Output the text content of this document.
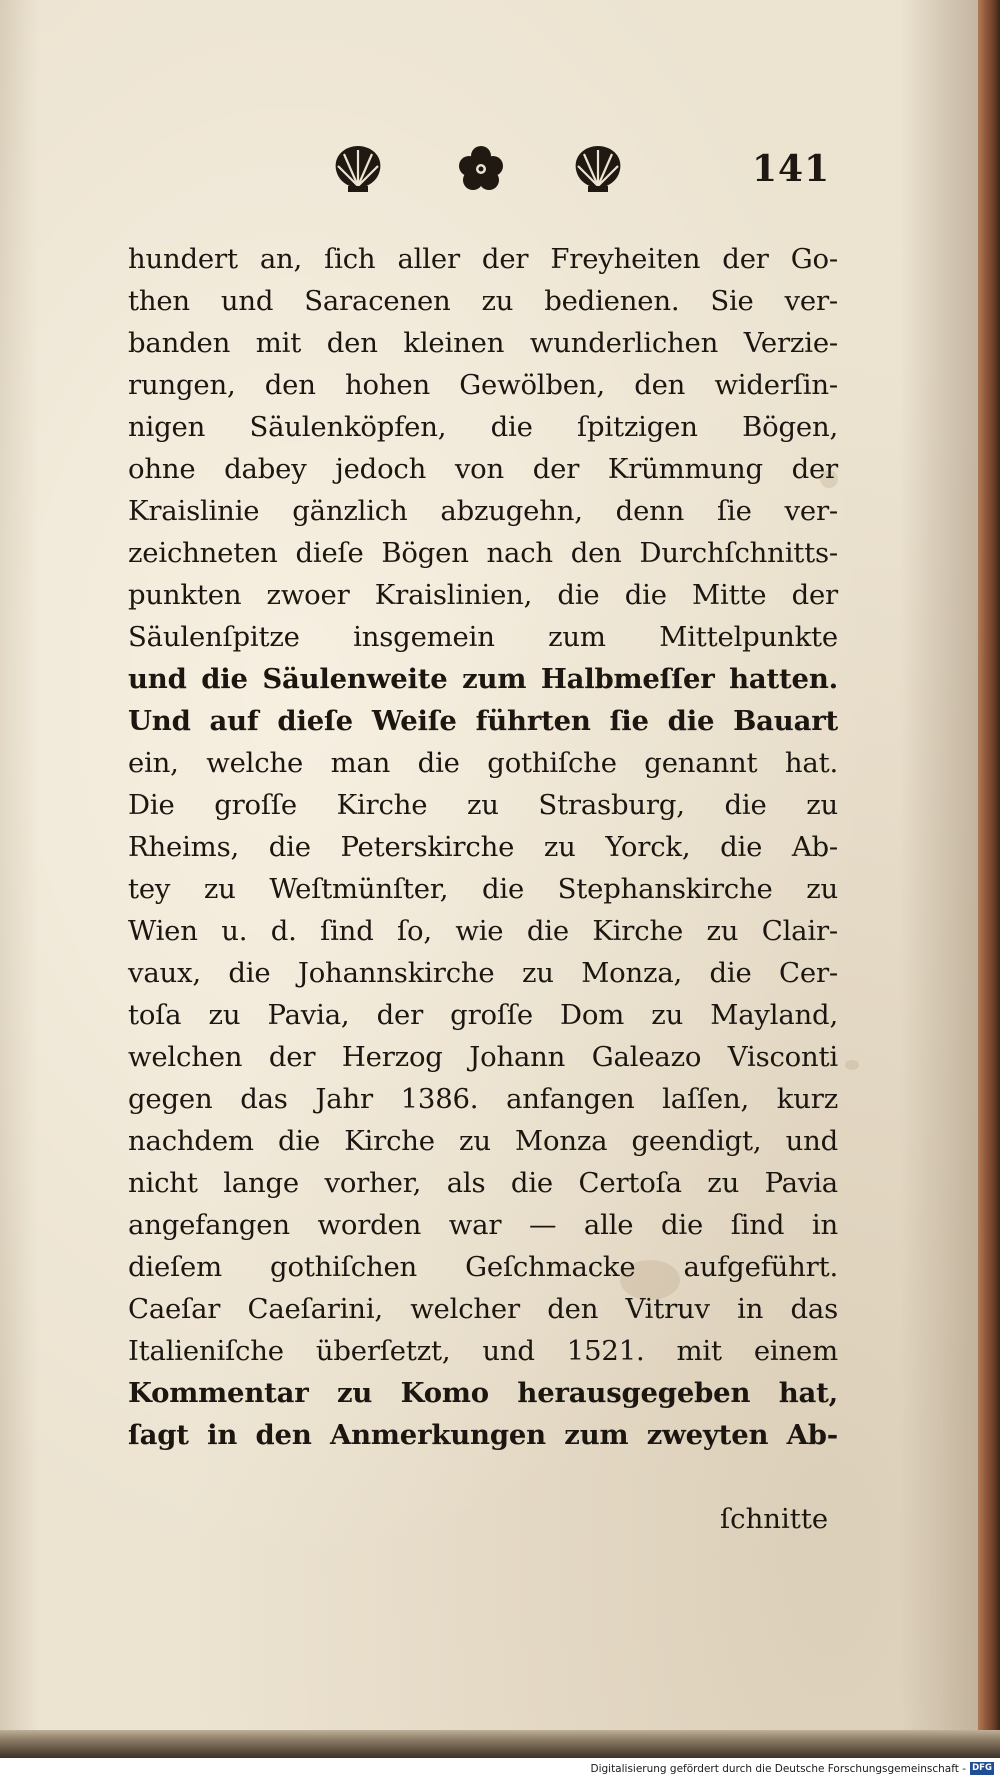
141
hundert an, ſich aller der Freyheiten der Go-
then und Saracenen zu bedienen. Sie ver-
banden mit den kleinen wunderlichen Verzie-
rungen, den hohen Gewölben, den widerſin-
nigen Säulenköpfen, die ſpitzigen Bögen,
ohne dabey jedoch von der Krümmung der
Kraislinie gänzlich abzugehn, denn ſie ver-
zeichneten dieſe Bögen nach den Durchſchnitts-
punkten zwoer Kraislinien, die die Mitte der
Säulenſpitze insgemein zum Mittelpunkte
und die Säulenweite zum Halbmeſſer hatten.
Und auf dieſe Weiſe führten ſie die Bauart
ein, welche man die gothiſche genannt hat.
Die groſſe Kirche zu Strasburg, die zu
Rheims, die Peterskirche zu Yorck, die Ab-
tey zu Weſtmünſter, die Stephanskirche zu
Wien u. d. ſind ſo, wie die Kirche zu Clair-
vaux, die Johannskirche zu Monza, die Cer-
toſa zu Pavia, der groſſe Dom zu Mayland,
welchen der Herzog Johann Galeazo Visconti
gegen das Jahr 1386. anfangen laſſen, kurz
nachdem die Kirche zu Monza geendigt, und
nicht lange vorher, als die Certoſa zu Pavia
angefangen worden war — alle die ſind in
dieſem gothiſchen Geſchmacke aufgeführt.
Caeſar Caeſarini, welcher den Vitruv in das
Italieniſche überſetzt, und 1521. mit einem
Kommentar zu Komo herausgegeben hat,
ſagt in den Anmerkungen zum zweyten Ab-
ſchnitte
Digitalisierung gefördert durch die Deutsche Forschungsgemeinschaft - DFG
